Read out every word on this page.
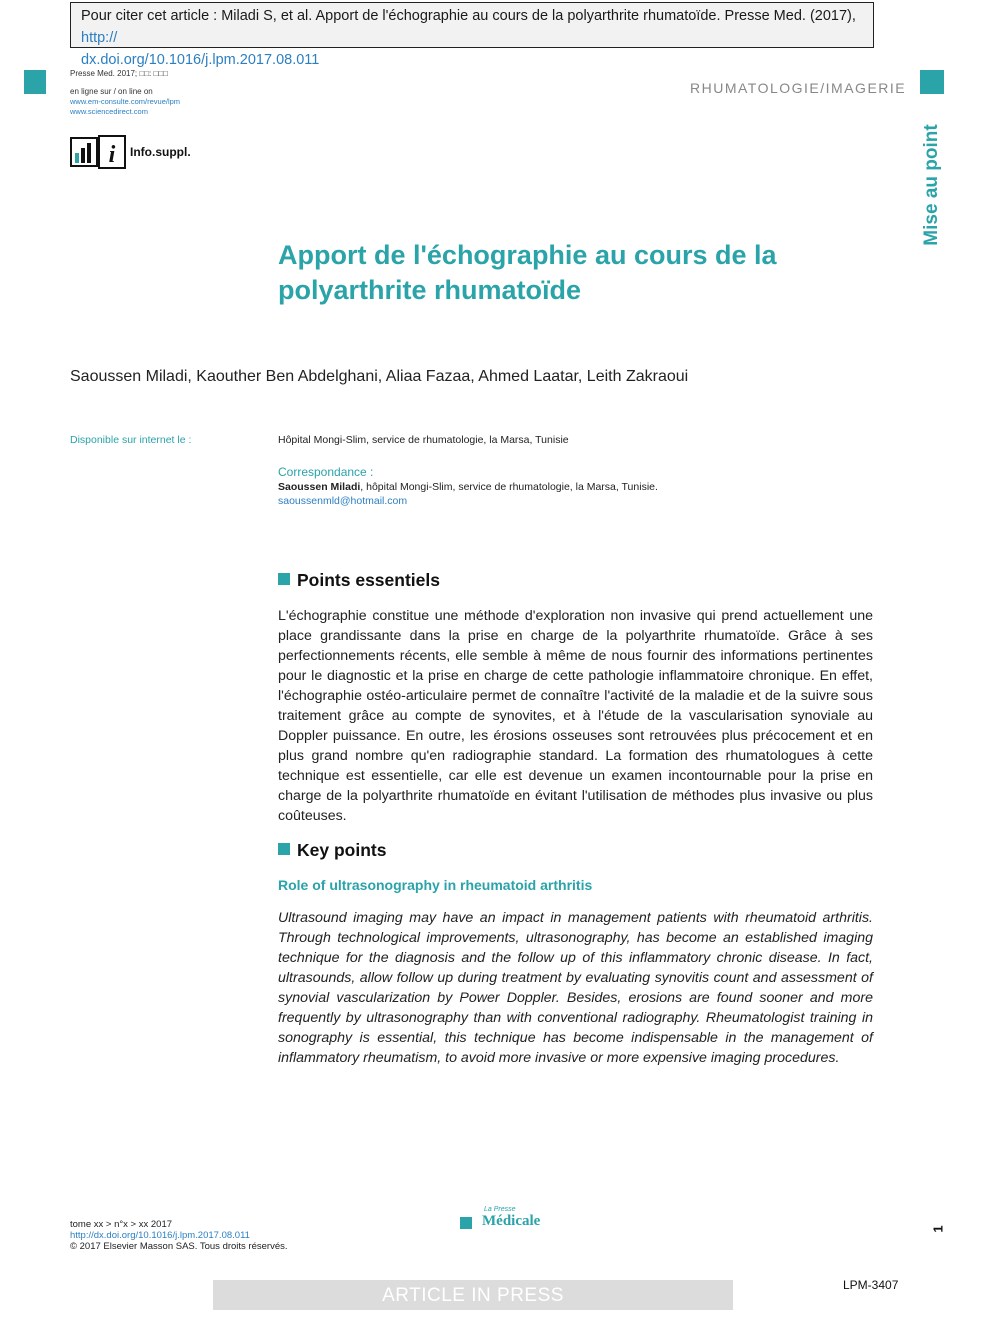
Pour citer cet article : Miladi S, et al. Apport de l'échographie au cours de la polyarthrite rhumatoïde. Presse Med. (2017), http://
dx.doi.org/10.1016/j.lpm.2017.08.011
Presse Med. 2017; □□: □□□
en ligne sur / on line on
www.em-consulte.com/revue/lpm
www.sciencedirect.com
RHUMATOLOGIE/IMAGERIE
Mise au point
i Info.suppl.
Apport de l'échographie au cours de la polyarthrite rhumatoïde
Saoussen Miladi, Kaouther Ben Abdelghani, Aliaa Fazaa, Ahmed Laatar, Leith Zakraoui
Disponible sur internet le :	Hôpital Mongi-Slim, service de rhumatologie, la Marsa, Tunisie
Correspondance :
Saoussen Miladi, hôpital Mongi-Slim, service de rhumatologie, la Marsa, Tunisie.
saoussenmld@hotmail.com
Points essentiels
L'échographie constitue une méthode d'exploration non invasive qui prend actuellement une place grandissante dans la prise en charge de la polyarthrite rhumatoïde. Grâce à ses perfectionnements récents, elle semble à même de nous fournir des informations pertinentes pour le diagnostic et la prise en charge de cette pathologie inflammatoire chronique. En effet, l'échographie ostéo-articulaire permet de connaître l'activité de la maladie et de la suivre sous traitement grâce au compte de synovites, et à l'étude de la vascularisation synoviale au Doppler puissance. En outre, les érosions osseuses sont retrouvées plus précocement et en plus grand nombre qu'en radiographie standard. La formation des rhumatologues à cette technique est essentielle, car elle est devenue un examen incontournable pour la prise en charge de la polyarthrite rhumatoïde en évitant l'utilisation de méthodes plus invasive ou plus coûteuses.
Key points
Role of ultrasonography in rheumatoid arthritis
Ultrasound imaging may have an impact in management patients with rheumatoid arthritis. Through technological improvements, ultrasonography, has become an established imaging technique for the diagnosis and the follow up of this inflammatory chronic disease. In fact, ultrasounds, allow follow up during treatment by evaluating synovitis count and assessment of synovial vascularization by Power Doppler. Besides, erosions are found sooner and more frequently by ultrasonography than with conventional radiography. Rheumatologist training in sonography is essential, this technique has become indispensable in the management of inflammatory rheumatism, to avoid more invasive or more expensive imaging procedures.
tome xx > n°x > xx 2017
http://dx.doi.org/10.1016/j.lpm.2017.08.011
© 2017 Elsevier Masson SAS. Tous droits réservés.
La Presse
Médicale	1
ARTICLE IN PRESS	LPM-3407
